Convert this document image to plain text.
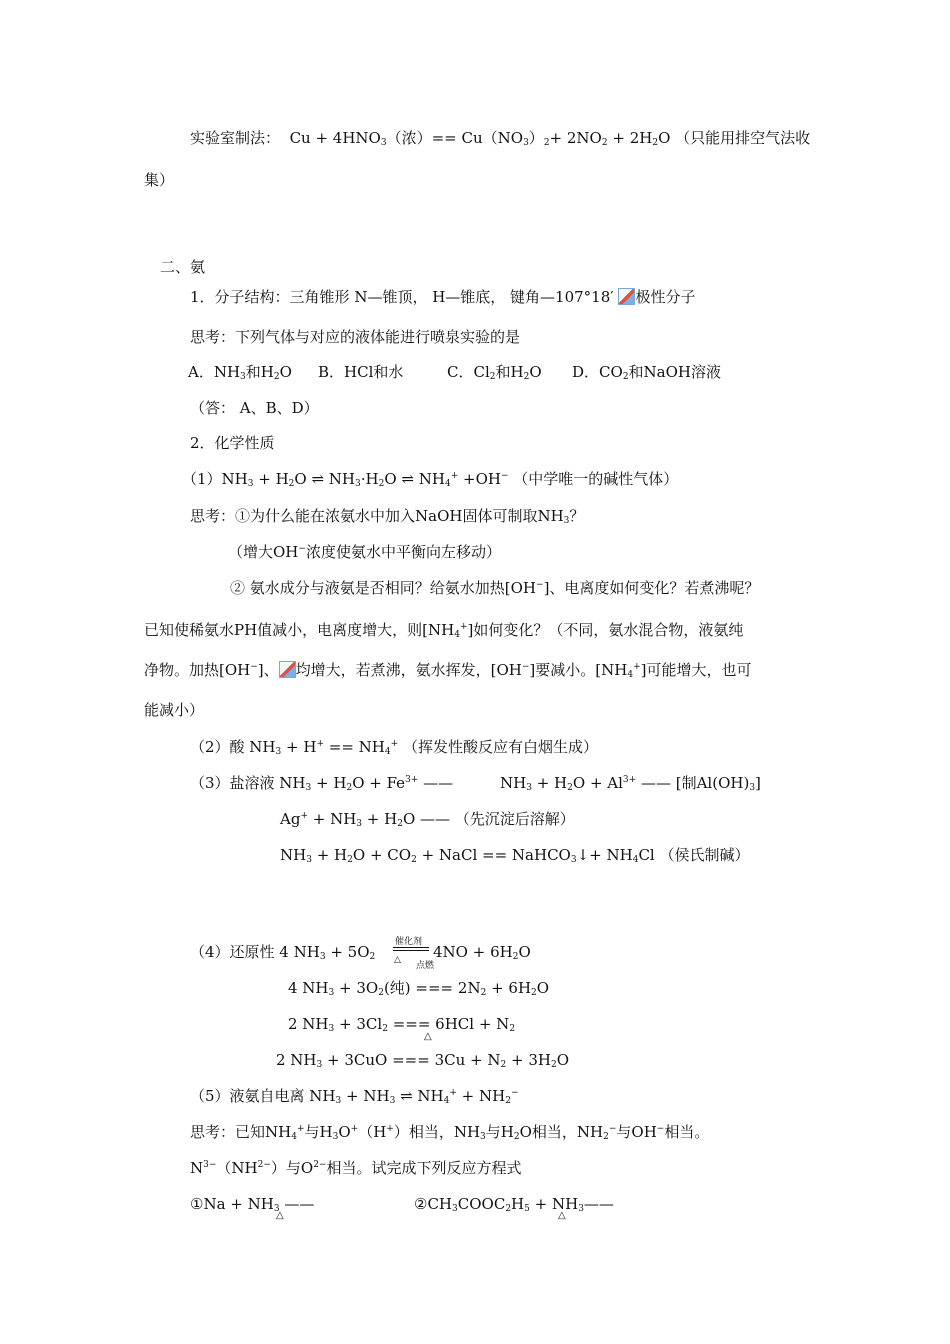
实验室制法： $Cu + 4HNO_3$（浓）== $Cu(NO_3)_2+ 2NO_2 + 2H_2O$ （只能用排空气法收
集）
二、氨
1．分子结构：三角锥形 N—锥顶， H—锥底， 键角—107°18′ 极性分子
思考：下列气体与对应的液体能进行喷泉实验的是
A．$NH_3$和$H_2O$ B．HCl和水	C．$Cl_2$和$H_2O$ D．$CO_2$和NaOH溶液
（答： A、B、D）
2．化学性质
$(1)NH_3 + H_2O$ ⇌ $NH_3\cdot H_2O$ ⇌ $NH_4^+ +OH^-$ （中学唯一的碱性气体）
思考：①为什么能在浓氨水中加入NaOH固体可制取$NH_3$？
（增大OH−浓度使氨水中平衡向左移动）
② 氨水成分与液氨是否相同？给氨水加热[OH−]、电离度如何变化？若煮沸呢？
已知使稀氨水PH值减小，电离度增大，则$[NH_4^+]$如何变化？（不同，氨水混合物，液氨纯
净物。加热[OH−]、 均增大，若煮沸，氨水挥发，[OH−]要减小。$[NH_4^+]$可能增大，也可
能减小）
（2）酸 $NH_3 + H^+ == NH_4^+$ （挥发性酸反应有白烟生成）
（3）盐溶液 $NH_3 + H_2O + Fe^{3+}$ ——	$NH_3 + H_2O + Al^{3+}$ —— [制$Al(OH)_3$]
$Ag^+ + NH_3 + H_2O$ —— （先沉淀后溶解）
$NH_3 + H_2O + CO_2$ + NaCl == NaHCO$_3$↓+ $NH_4Cl$ （侯氏制碱）
（4）还原性 4 $NH_3 + 5O_2$
催化剂
△
点燃
$4NO + 6H_2O$
4 $NH_3 + 3O_2$(纯) === $2N_2 + 6H_2O$
2 $NH_3 + 3Cl_2$ === $6HCl + N_2$
△
2 $NH_3 + 3CuO$ === $3Cu + N_2 + 3H_2O$
（5）液氨自电离 $NH_3 + NH_3$ ⇌ $NH_4^+ + NH_2^-$
思考：已知$NH_4^+$与$H_3O^+(H^+)$相当，$NH_3$与$H_2O$相当，$NH_2^-$与OH−相当。
$N^{3-}(NH^{2-})$与$O^{2-}$相当。试完成下列反应方程式
①Na + $NH_3$ ——
△
$②CH_3COOC_2H_5$ + $NH_3——$
△
